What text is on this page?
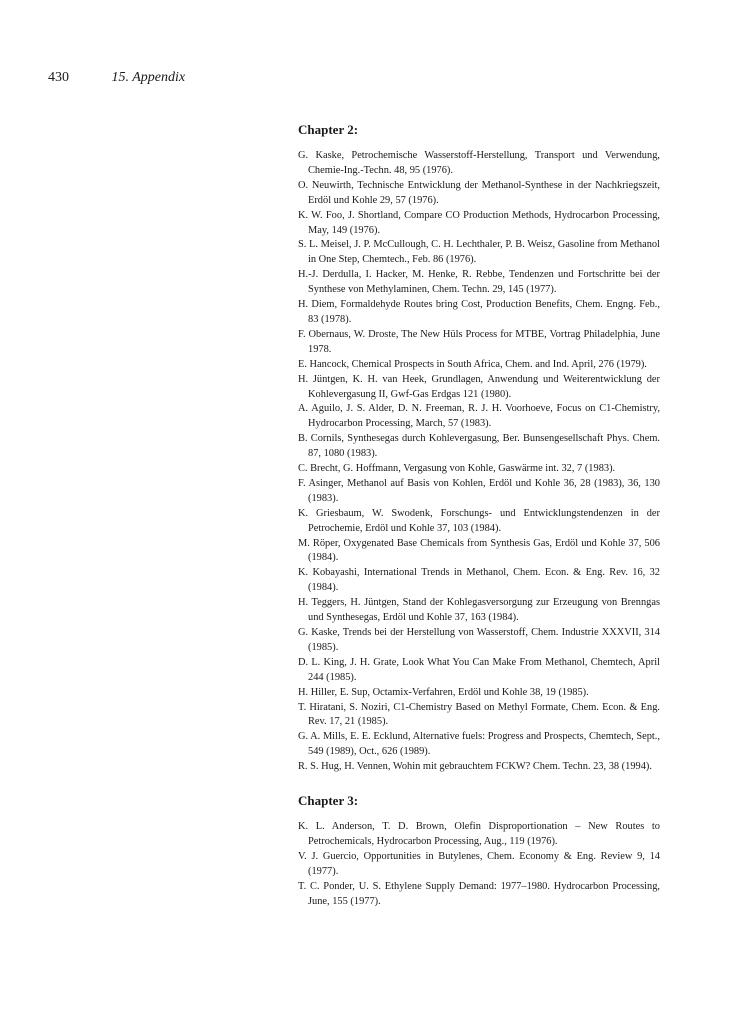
430	15. Appendix
Chapter 2:
G. Kaske, Petrochemische Wasserstoff-Herstellung, Transport und Verwendung, Chemie-Ing.-Techn. 48, 95 (1976).
O. Neuwirth, Technische Entwicklung der Methanol-Synthese in der Nachkriegszeit, Erdöl und Kohle 29, 57 (1976).
K. W. Foo, J. Shortland, Compare CO Production Methods, Hydrocarbon Processing, May, 149 (1976).
S. L. Meisel, J. P. McCullough, C. H. Lechthaler, P. B. Weisz, Gasoline from Methanol in One Step, Chemtech., Feb. 86 (1976).
H.-J. Derdulla, I. Hacker, M. Henke, R. Rebbe, Tendenzen und Fortschritte bei der Synthese von Methylaminen, Chem. Techn. 29, 145 (1977).
H. Diem, Formaldehyde Routes bring Cost, Production Benefits, Chem. Engng. Feb., 83 (1978).
F. Obernaus, W. Droste, The New Hüls Process for MTBE, Vortrag Philadelphia, June 1978.
E. Hancock, Chemical Prospects in South Africa, Chem. and Ind. April, 276 (1979).
H. Jüntgen, K. H. van Heek, Grundlagen, Anwendung und Weiterentwicklung der Kohlevergasung II, Gwf-Gas Erdgas 121 (1980).
A. Aguilo, J. S. Alder, D. N. Freeman, R. J. H. Voorhoeve, Focus on C1-Chemistry, Hydrocarbon Processing, March, 57 (1983).
B. Cornils, Synthesegas durch Kohlevergasung, Ber. Bunsengesellschaft Phys. Chem. 87, 1080 (1983).
C. Brecht, G. Hoffmann, Vergasung von Kohle, Gaswärme int. 32, 7 (1983).
F. Asinger, Methanol auf Basis von Kohlen, Erdöl und Kohle 36, 28 (1983), 36, 130 (1983).
K. Griesbaum, W. Swodenk, Forschungs- und Entwicklungstendenzen in der Petrochemie, Erdöl und Kohle 37, 103 (1984).
M. Röper, Oxygenated Base Chemicals from Synthesis Gas, Erdöl und Kohle 37, 506 (1984).
K. Kobayashi, International Trends in Methanol, Chem. Econ. & Eng. Rev. 16, 32 (1984).
H. Teggers, H. Jüntgen, Stand der Kohlegasversorgung zur Erzeugung von Brenngas und Synthesegas, Erdöl und Kohle 37, 163 (1984).
G. Kaske, Trends bei der Herstellung von Wasserstoff, Chem. Industrie XXXVII, 314 (1985).
D. L. King, J. H. Grate, Look What You Can Make From Methanol, Chemtech, April 244 (1985).
H. Hiller, E. Sup, Octamix-Verfahren, Erdöl und Kohle 38, 19 (1985).
T. Hiratani, S. Noziri, C1-Chemistry Based on Methyl Formate, Chem. Econ. & Eng. Rev. 17, 21 (1985).
G. A. Mills, E. E. Ecklund, Alternative fuels: Progress and Prospects, Chemtech, Sept., 549 (1989), Oct., 626 (1989).
R. S. Hug, H. Vennen, Wohin mit gebrauchtem FCKW? Chem. Techn. 23, 38 (1994).
Chapter 3:
K. L. Anderson, T. D. Brown, Olefin Disproportionation – New Routes to Petrochemicals, Hydrocarbon Processing, Aug., 119 (1976).
V. J. Guercio, Opportunities in Butylenes, Chem. Economy & Eng. Review 9, 14 (1977).
T. C. Ponder, U. S. Ethylene Supply Demand: 1977–1980. Hydrocarbon Processing, June, 155 (1977).
